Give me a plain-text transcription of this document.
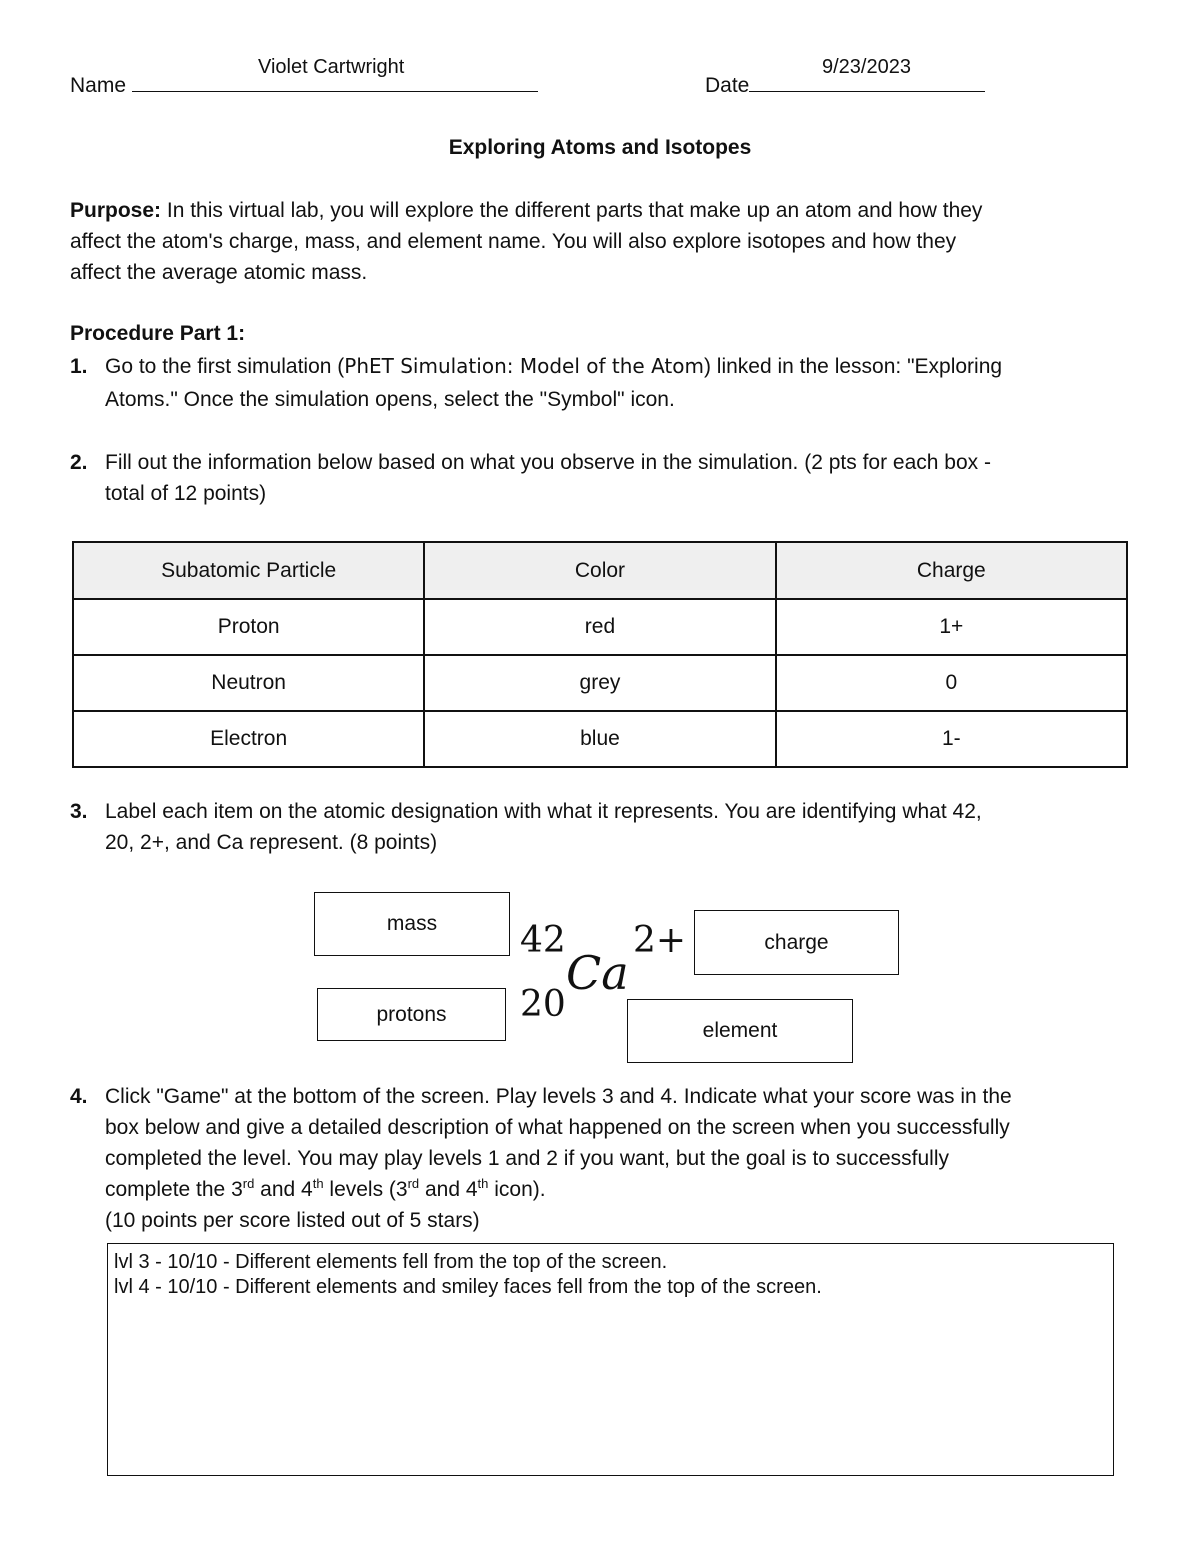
Violet Cartwright
Name
9/23/2023
Date
Exploring Atoms and Isotopes
Purpose: In this virtual lab, you will explore the different parts that make up an atom and how they
affect the atom's charge, mass, and element name. You will also explore isotopes and how they
affect the average atomic mass.
Procedure Part 1:
1. Go to the first simulation (PhET Simulation: Model of the Atom) linked in the lesson: "Exploring
Atoms." Once the simulation opens, select the "Symbol" icon.
2. Fill out the information below based on what you observe in the simulation. (2 pts for each box -
total of 12 points)
Subatomic Particle	Color	Charge
Proton	red	1+
Neutron	grey	0
Electron	blue	1-
3. Label each item on the atomic designation with what it represents. You are identifying what 42,
20, 2+, and Ca represent. (8 points)
mass
protons
charge
element
42
20
Ca
2+
4. Click "Game" at the bottom of the screen. Play levels 3 and 4. Indicate what your score was in the
box below and give a detailed description of what happened on the screen when you successfully
completed the level. You may play levels 1 and 2 if you want, but the goal is to successfully
complete the 3rd and 4th levels (3rd and 4th icon).
(10 points per score listed out of 5 stars)
lvl 3 - 10/10 - Different elements fell from the top of the screen.
lvl 4 - 10/10 - Different elements and smiley faces fell from the top of the screen.
